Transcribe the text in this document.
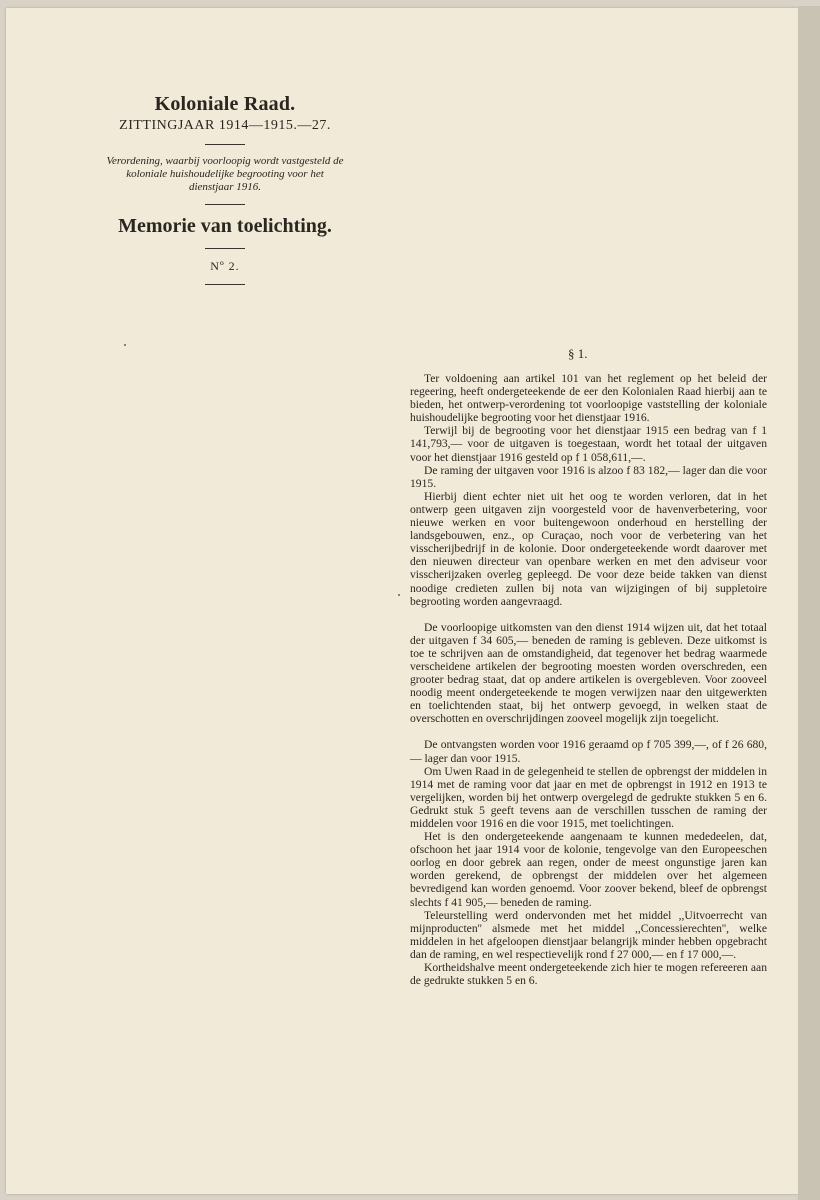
Koloniale Raad.
ZITTINGJAAR 1914—1915.—27.
Verordening, waarbij voorloopig wordt vastgesteld de koloniale huishoudelijke begrooting voor het dienstjaar 1916.
Memorie van toelichting.
Nº 2.
§ 1.

Ter voldoening aan artikel 101 van het reglement op het beleid der regeering, heeft ondergeteekende de eer den Kolonialen Raad hierbij aan te bieden, het ontwerp-verordening tot voorloopige vaststelling der koloniale huishoudelijke begrooting voor het dienstjaar 1916.

Terwijl bij de begrooting voor het dienstjaar 1915 een bedrag van f 1 141,793,— voor de uitgaven is toegestaan, wordt het totaal der uitgaven voor het dienstjaar 1916 gesteld op f 1 058,611,—.

De raming der uitgaven voor 1916 is alzoo f 83 182,— lager dan die voor 1915.

Hierbij dient echter niet uit het oog te worden verloren, dat in het ontwerp geen uitgaven zijn voorgesteld voor de havenverbetering, voor nieuwe werken en voor buitengewoon onderhoud en herstelling der landsgebouwen, enz., op Curaçao, noch voor de verbetering van het visscherijbedrijf in de kolonie. Door ondergeteekende wordt daarover met den nieuwen directeur van openbare werken en met den adviseur voor visscherijzaken overleg gepleegd. De voor deze beide takken van dienst noodige credieten zullen bij nota van wijzigingen of bij suppletoire begrooting worden aangevraagd.

De voorloopige uitkomsten van den dienst 1914 wijzen uit, dat het totaal der uitgaven f 34 605,— beneden de raming is gebleven. Deze uitkomst is toe te schrijven aan de omstandigheid, dat tegenover het bedrag waarmede verscheidene artikelen der begrooting moesten worden overschreden, een grooter bedrag staat, dat op andere artikelen is overgebleven. Voor zooveel noodig meent ondergeteekende te mogen verwijzen naar den uitgewerkten en toelichtenden staat, bij het ontwerp gevoegd, in welken staat de overschotten en overschrijdingen zooveel mogelijk zijn toegelicht.

De ontvangsten worden voor 1916 geraamd op f 705 399,—, of f 26 680,— lager dan voor 1915.

Om Uwen Raad in de gelegenheid te stellen de opbrengst der middelen in 1914 met de raming voor dat jaar en met de opbrengst in 1912 en 1913 te vergelijken, worden bij het ontwerp overgelegd de gedrukte stukken 5 en 6. Gedrukt stuk 5 geeft tevens aan de verschillen tusschen de raming der middelen voor 1916 en die voor 1915, met toelichtingen.

Het is den ondergeteekende aangenaam te kunnen mededeelen, dat, ofschoon het jaar 1914 voor de kolonie, tengevolge van den Europeeschen oorlog en door gebrek aan regen, onder de meest ongunstige jaren kan worden gerekend, de opbrengst der middelen over het algemeen bevredigend kan worden genoemd. Voor zoover bekend, bleef de opbrengst slechts f 41 905,— beneden de raming.

Teleurstelling werd ondervonden met het middel ,,Uitvoerrecht van mijnproducten'' alsmede met het middel ,,Concessierechten'', welke middelen in het afgeloopen dienstjaar belangrijk minder hebben opgebracht dan de raming, en wel respectievelijk rond f 27 000,— en f 17 000,—.

Kortheidshalve meent ondergeteekende zich hier te mogen refereeren aan de gedrukte stukken 5 en 6.
